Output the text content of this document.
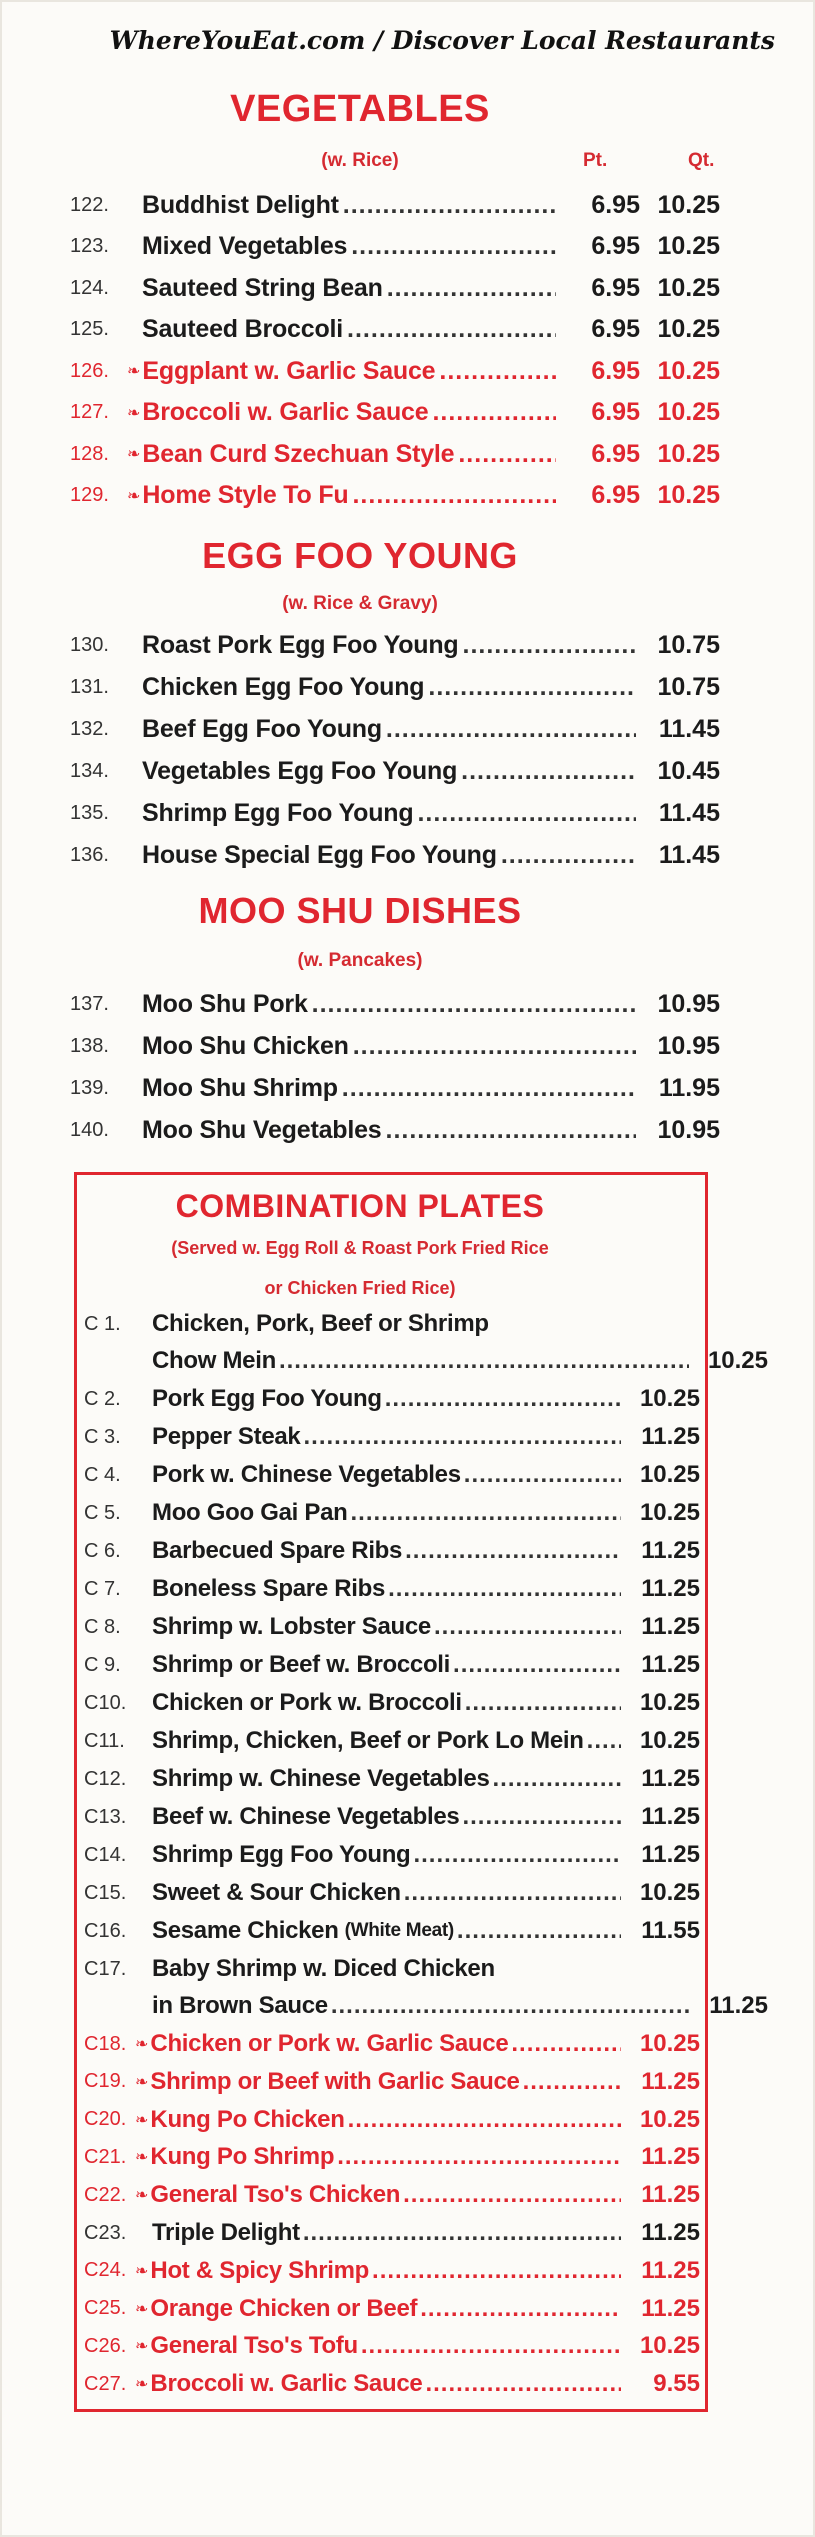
WhereYouEat.com / Discover Local Restaurants
VEGETABLES
(w. Rice)	Pt.	Qt.
122.	Buddhist Delight .....	6.95 10.25
123.	Mixed Vegetables .....	6.95 10.25
124.	Sauteed String Bean .....	6.95 10.25
125.	Sauteed Broccoli .....	6.95 10.25
126.	❧ Eggplant w. Garlic Sauce .....	6.95 10.25
127.	❧ Broccoli w. Garlic Sauce .....	6.95 10.25
128.	❧ Bean Curd Szechuan Style .....	6.95 10.25
129.	❧ Home Style To Fu .....	6.95 10.25
EGG FOO YOUNG
(w. Rice & Gravy)
130.	Roast Pork Egg Foo Young .....	10.75
131.	Chicken Egg Foo Young .....	10.75
132.	Beef Egg Foo Young .....	11.45
134.	Vegetables Egg Foo Young .....	10.45
135.	Shrimp Egg Foo Young .....	11.45
136.	House Special Egg Foo Young .....	11.45
MOO SHU DISHES
(w. Pancakes)
137.	Moo Shu Pork .....	10.95
138.	Moo Shu Chicken .....	10.95
139.	Moo Shu Shrimp .....	11.95
140.	Moo Shu Vegetables .....	10.95
COMBINATION PLATES
(Served w. Egg Roll & Roast Pork Fried Rice
or Chicken Fried Rice)
C 1.	Chicken, Pork, Beef or Shrimp
Chow Mein .....	10.25
C 2.	Pork Egg Foo Young .....	10.25
C 3.	Pepper Steak .....	11.25
C 4.	Pork w. Chinese Vegetables .....	10.25
C 5.	Moo Goo Gai Pan .....	10.25
C 6.	Barbecued Spare Ribs .....	11.25
C 7.	Boneless Spare Ribs .....	11.25
C 8.	Shrimp w. Lobster Sauce .....	11.25
C 9.	Shrimp or Beef w. Broccoli .....	11.25
C10.	Chicken or Pork w. Broccoli .....	10.25
C11.	Shrimp, Chicken, Beef or Pork Lo Mein .....	10.25
C12.	Shrimp w. Chinese Vegetables .....	11.25
C13.	Beef w. Chinese Vegetables .....	11.25
C14.	Shrimp Egg Foo Young .....	11.25
C15.	Sweet & Sour Chicken .....	10.25
C16.	Sesame Chicken (White Meat) .....	11.55
C17.	Baby Shrimp w. Diced Chicken
in Brown Sauce .....	11.25
C18. ❧ Chicken or Pork w. Garlic Sauce .....	10.25
C19. ❧ Shrimp or Beef with Garlic Sauce .....	11.25
C20. ❧ Kung Po Chicken .....	10.25
C21. ❧ Kung Po Shrimp .....	11.25
C22. ❧ General Tso's Chicken .....	11.25
C23.	Triple Delight .....	11.25
C24. ❧ Hot & Spicy Shrimp .....	11.25
C25. ❧ Orange Chicken or Beef .....	11.25
C26. ❧ General Tso's Tofu .....	10.25
C27. ❧ Broccoli w. Garlic Sauce .....	9.55
